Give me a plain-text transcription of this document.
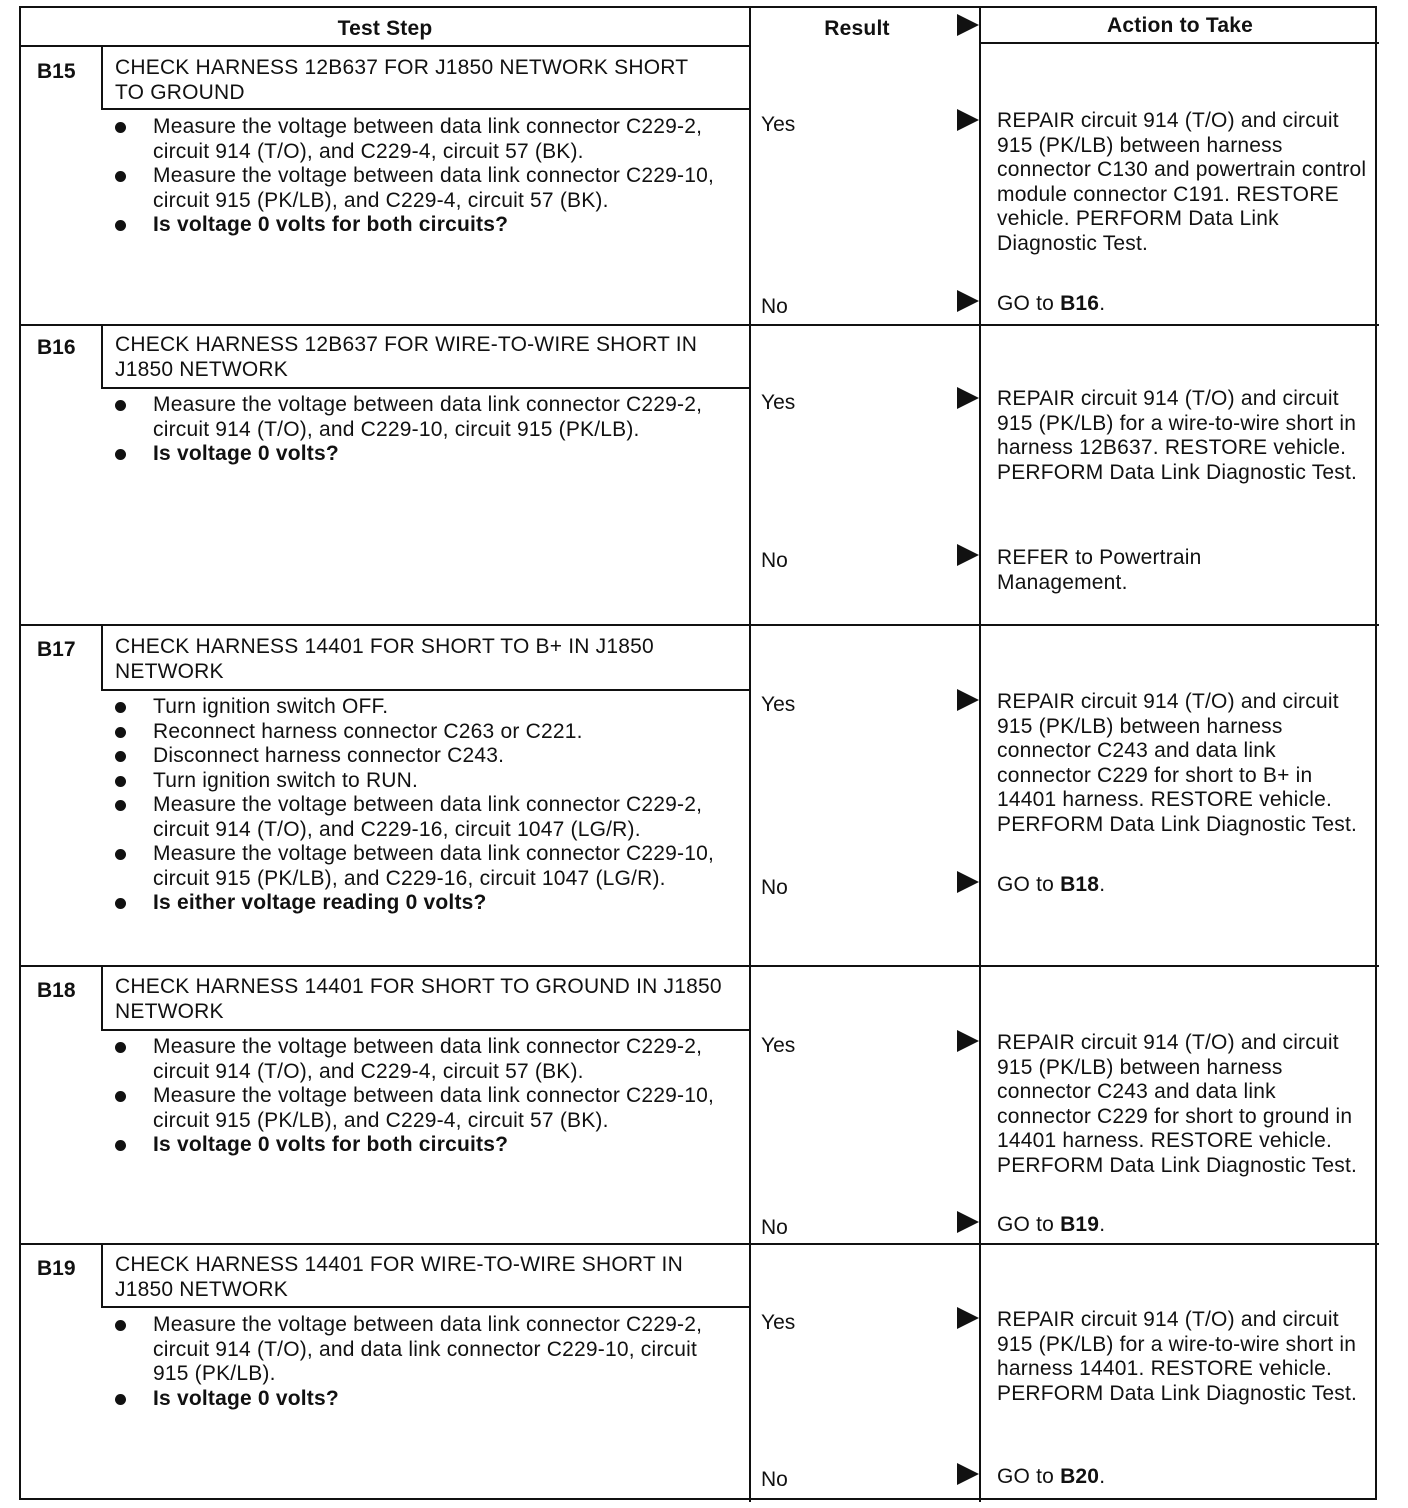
Test Step	Result	Action to Take
B15 CHECK HARNESS 12B637 FOR J1850 NETWORK SHORT TO GROUND
Measure the voltage between data link connector C229-2, circuit 914 (T/O), and C229-4, circuit 57 (BK).
Measure the voltage between data link connector C229-10, circuit 915 (PK/LB), and C229-4, circuit 57 (BK).
Is voltage 0 volts for both circuits?
Yes	REPAIR circuit 914 (T/O) and circuit 915 (PK/LB) between harness connector C130 and powertrain control module connector C191. RESTORE vehicle. PERFORM Data Link Diagnostic Test.
No	GO to B16.
B16 CHECK HARNESS 12B637 FOR WIRE-TO-WIRE SHORT IN J1850 NETWORK
Measure the voltage between data link connector C229-2, circuit 914 (T/O), and C229-10, circuit 915 (PK/LB).
Is voltage 0 volts?
Yes	REPAIR circuit 914 (T/O) and circuit 915 (PK/LB) for a wire-to-wire short in harness 12B637. RESTORE vehicle. PERFORM Data Link Diagnostic Test.
No	REFER to Powertrain Management.
B17 CHECK HARNESS 14401 FOR SHORT TO B+ IN J1850 NETWORK
Turn ignition switch OFF.
Reconnect harness connector C263 or C221.
Disconnect harness connector C243.
Turn ignition switch to RUN.
Measure the voltage between data link connector C229-2, circuit 914 (T/O), and C229-16, circuit 1047 (LG/R).
Measure the voltage between data link connector C229-10, circuit 915 (PK/LB), and C229-16, circuit 1047 (LG/R).
Is either voltage reading 0 volts?
Yes	REPAIR circuit 914 (T/O) and circuit 915 (PK/LB) between harness connector C243 and data link connector C229 for short to B+ in 14401 harness. RESTORE vehicle. PERFORM Data Link Diagnostic Test.
No	GO to B18.
B18 CHECK HARNESS 14401 FOR SHORT TO GROUND IN J1850 NETWORK
Measure the voltage between data link connector C229-2, circuit 914 (T/O), and C229-4, circuit 57 (BK).
Measure the voltage between data link connector C229-10, circuit 915 (PK/LB), and C229-4, circuit 57 (BK).
Is voltage 0 volts for both circuits?
Yes	REPAIR circuit 914 (T/O) and circuit 915 (PK/LB) between harness connector C243 and data link connector C229 for short to ground in 14401 harness. RESTORE vehicle. PERFORM Data Link Diagnostic Test.
No	GO to B19.
B19 CHECK HARNESS 14401 FOR WIRE-TO-WIRE SHORT IN J1850 NETWORK
Measure the voltage between data link connector C229-2, circuit 914 (T/O), and data link connector C229-10, circuit 915 (PK/LB).
Is voltage 0 volts?
Yes	REPAIR circuit 914 (T/O) and circuit 915 (PK/LB) for a wire-to-wire short in harness 14401. RESTORE vehicle. PERFORM Data Link Diagnostic Test.
No	GO to B20.
